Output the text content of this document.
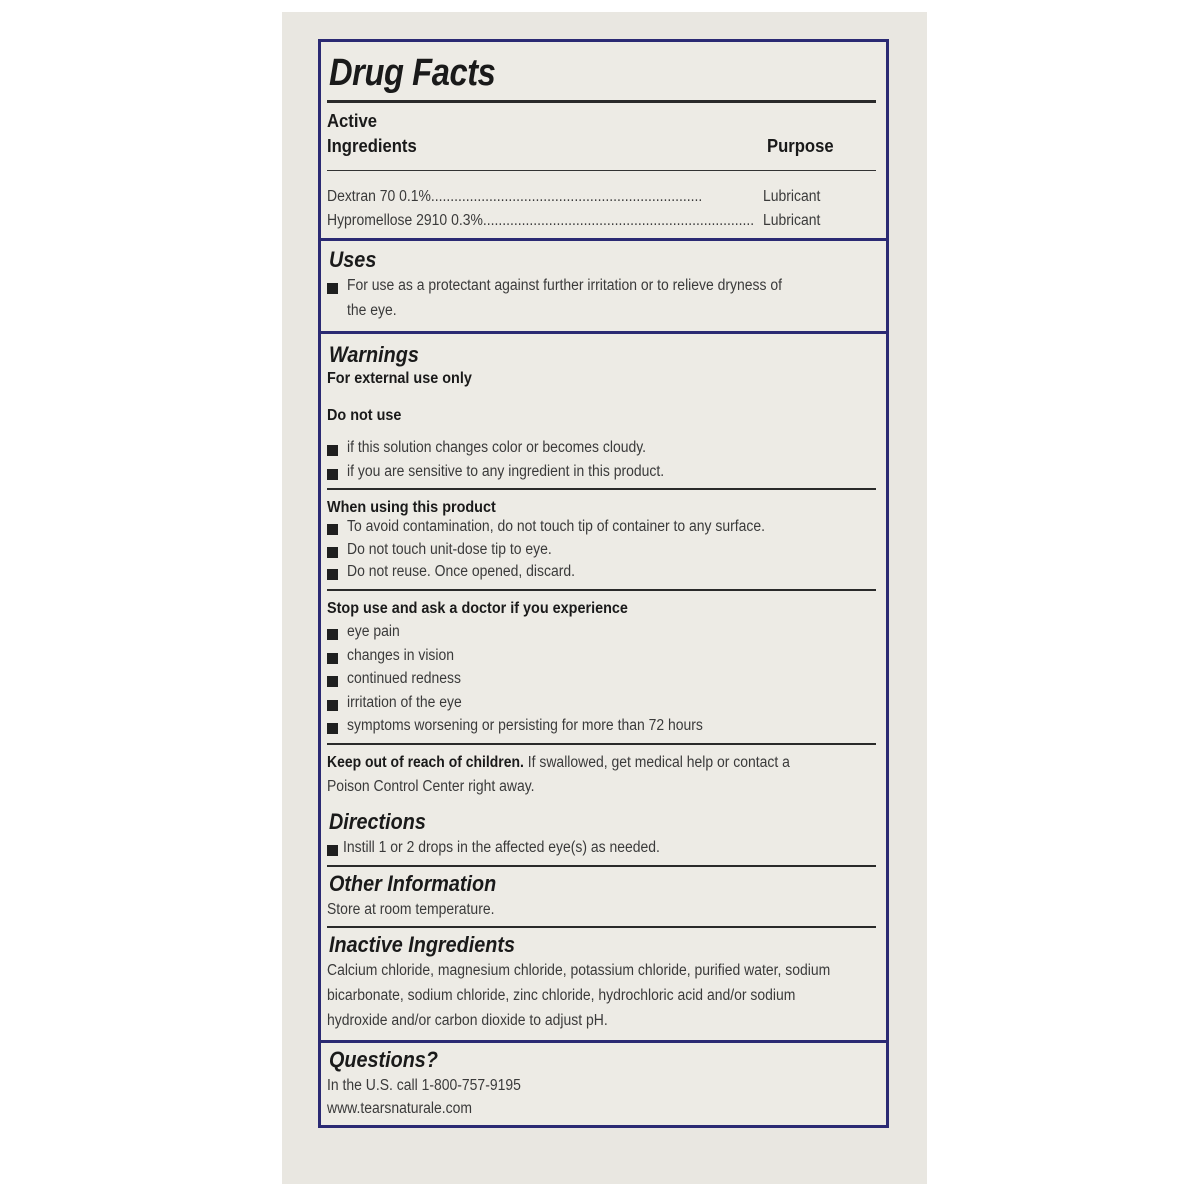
Drug Facts
Active
Ingredients	Purpose
Dextran 70 0.1%......................................................................	Lubricant
Hypromellose 2910 0.3%...................................................................... Lubricant
Uses
For use as a protectant against further irritation or to relieve dryness of
the eye.
Warnings
For external use only
Do not use
if this solution changes color or becomes cloudy.
if you are sensitive to any ingredient in this product.
When using this product
To avoid contamination, do not touch tip of container to any surface.
Do not touch unit-dose tip to eye.
Do not reuse. Once opened, discard.
Stop use and ask a doctor if you experience
eye pain
changes in vision
continued redness
irritation of the eye
symptoms worsening or persisting for more than 72 hours
Keep out of reach of children. If swallowed, get medical help or contact a
Poison Control Center right away.
Directions
Instill 1 or 2 drops in the affected eye(s) as needed.
Other Information
Store at room temperature.
Inactive Ingredients
Calcium chloride, magnesium chloride, potassium chloride, purified water, sodium
bicarbonate, sodium chloride, zinc chloride, hydrochloric acid and/or sodium
hydroxide and/or carbon dioxide to adjust pH.
Questions?
In the U.S. call 1-800-757-9195
www.tearsnaturale.com
